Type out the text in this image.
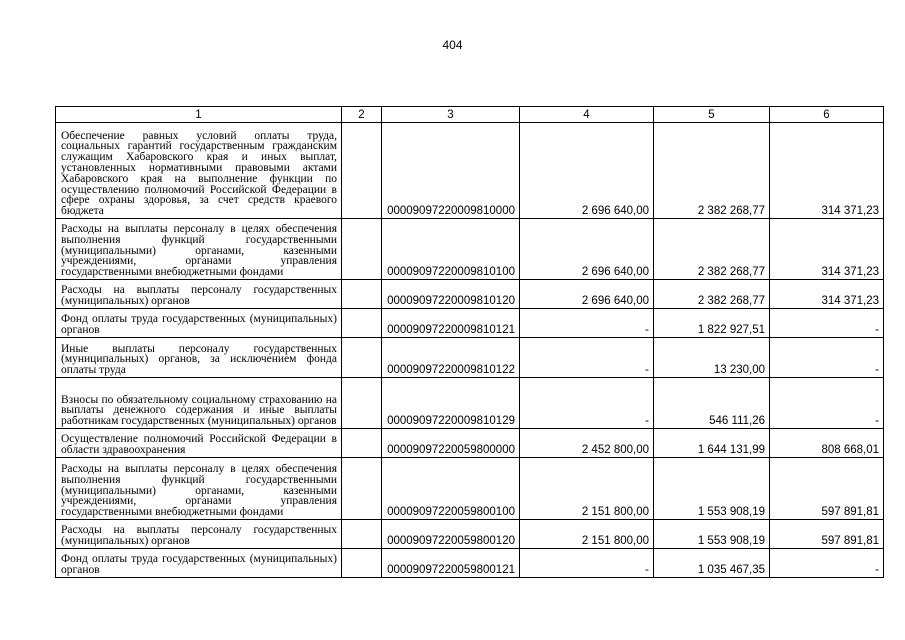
404
1	2	3	4	5	6
Обеспечение равных условий оплаты труда, социальных гарантий государственным гражданским служащим Хабаровского края и иных выплат, установленных нормативными правовыми актами Хабаровского края на выполнение функции по осуществлению полномочий Российской Федерации в сфере охраны здоровья, за счет средств краевого бюджета		00009097220009810000	2 696 640,00	2 382 268,77	314 371,23
Расходы на выплаты персоналу в целях обеспечения выполнения функций государственными (муниципальными) органами, казенными учреждениями, органами управления государственными внебюджетными фондами		00009097220009810100	2 696 640,00	2 382 268,77	314 371,23
Расходы на выплаты персоналу государственных (муниципальных) органов		00009097220009810120	2 696 640,00	2 382 268,77	314 371,23
Фонд оплаты труда государственных (муниципальных) органов		00009097220009810121	-	1 822 927,51	-
Иные выплаты персоналу государственных (муниципальных) органов, за исключением фонда оплаты труда		00009097220009810122	-	13 230,00	-
Взносы по обязательному социальному страхованию на выплаты денежного содержания и иные выплаты работникам государственных (муниципальных) органов		00009097220009810129	-	546 111,26	-
Осуществление полномочий Российской Федерации в области здравоохранения		00009097220059800000	2 452 800,00	1 644 131,99	808 668,01
Расходы на выплаты персоналу в целях обеспечения выполнения функций государственными (муниципальными) органами, казенными учреждениями, органами управления государственными внебюджетными фондами		00009097220059800100	2 151 800,00	1 553 908,19	597 891,81
Расходы на выплаты персоналу государственных (муниципальных) органов		00009097220059800120	2 151 800,00	1 553 908,19	597 891,81
Фонд оплаты труда государственных (муниципальных) органов		00009097220059800121	-	1 035 467,35	-
